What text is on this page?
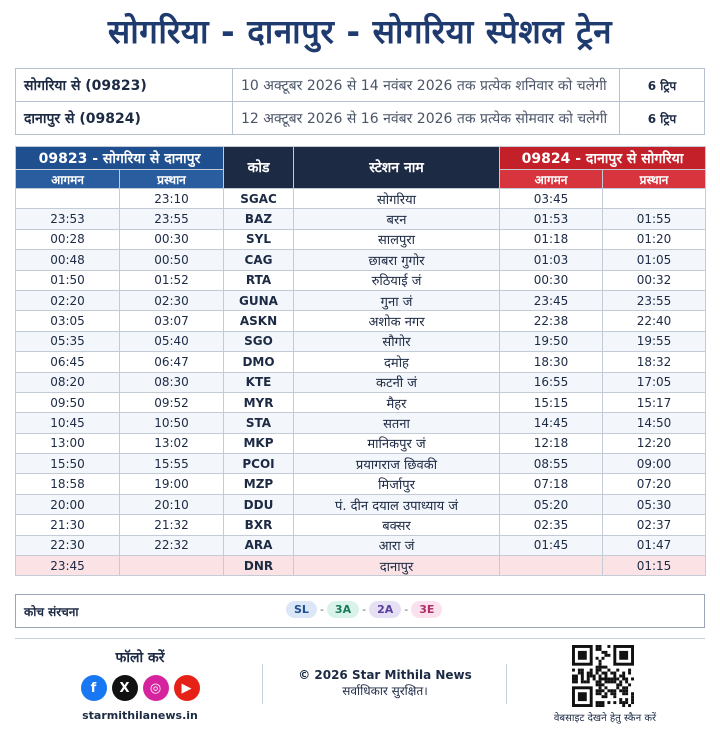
सोगरिया - दानापुर - सोगरिया स्पेशल ट्रेन
सोगरिया से (09823)	10 अक्टूबर 2026 से 14 नवंबर 2026 तक प्रत्येक शनिवार को चलेगी	6 ट्रिप
दानापुर से (09824)	12 अक्टूबर 2026 से 16 नवंबर 2026 तक प्रत्येक सोमवार को चलेगी	6 ट्रिप
09823 - सोगरिया से दानापुर		कोड	स्टेशन नाम	09824 - दानापुर से सोगरिया	
आगमन	प्रस्थान			आगमन	प्रस्थान
	23:10	SGAC	सोगरिया	03:45	
23:53	23:55	BAZ	बरन	01:53	01:55
00:28	00:30	SYL	सालपुरा	01:18	01:20
00:48	00:50	CAG	छाबरा गुगोर	01:03	01:05
01:50	01:52	RTA	रुठियाई जं	00:30	00:32
02:20	02:30	GUNA	गुना जं	23:45	23:55
03:05	03:07	ASKN	अशोक नगर	22:38	22:40
05:35	05:40	SGO	सौगोर	19:50	19:55
06:45	06:47	DMO	दमोह	18:30	18:32
08:20	08:30	KTE	कटनी जं	16:55	17:05
09:50	09:52	MYR	मैहर	15:15	15:17
10:45	10:50	STA	सतना	14:45	14:50
13:00	13:02	MKP	मानिकपुर जं	12:18	12:20
15:50	15:55	PCOI	प्रयागराज छिवकी	08:55	09:00
18:58	19:00	MZP	मिर्जापुर	07:18	07:20
20:00	20:10	DDU	पं. दीन दयाल उपाध्याय जं	05:20	05:30
21:30	21:32	BXR	बक्सर	02:35	02:37
22:30	22:32	ARA	आरा जं	01:45	01:47
23:45		DNR	दानापुर		01:15
कोच संरचना	SL	-	3A	-	2A	-	3E
फॉलो करें
f	X	◎	▶
starmithilanews.in
© 2026 Star Mithila News
सर्वाधिकार सुरक्षित।
वेबसाइट देखने हेतु स्कैन करें
